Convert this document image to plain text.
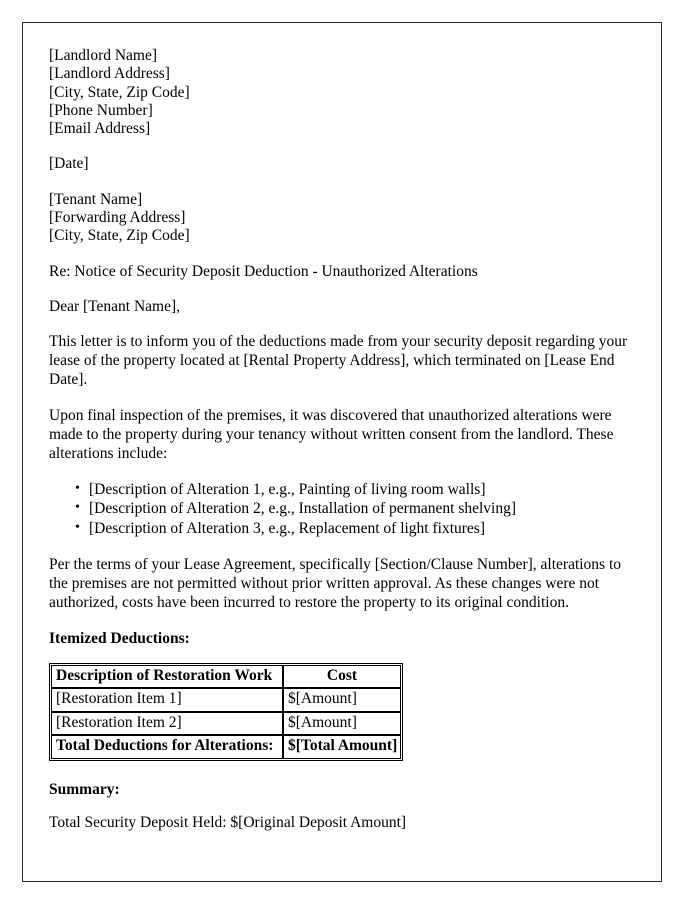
[Landlord Name]
[Landlord Address]
[City, State, Zip Code]
[Phone Number]
[Email Address]
[Date]
[Tenant Name]
[Forwarding Address]
[City, State, Zip Code]
Re: Notice of Security Deposit Deduction - Unauthorized Alterations
Dear [Tenant Name],

This letter is to inform you of the deductions made from your security deposit regarding your lease of the property located at [Rental Property Address], which terminated on [Lease End Date].

Upon final inspection of the premises, it was discovered that unauthorized alterations were made to the property during your tenancy without written consent from the landlord. These alterations include:

• [Description of Alteration 1, e.g., Painting of living room walls]
• [Description of Alteration 2, e.g., Installation of permanent shelving]
• [Description of Alteration 3, e.g., Replacement of light fixtures]

Per the terms of your Lease Agreement, specifically [Section/Clause Number], alterations to the premises are not permitted without prior written approval. As these changes were not authorized, costs have been incurred to restore the property to its original condition.

Itemized Deductions:
Description of Restoration Work	Cost
[Restoration Item 1]	$[Amount]
[Restoration Item 2]	$[Amount]
Total Deductions for Alterations:	$[Total Amount]
Summary:
Total Security Deposit Held: $[Original Deposit Amount]
